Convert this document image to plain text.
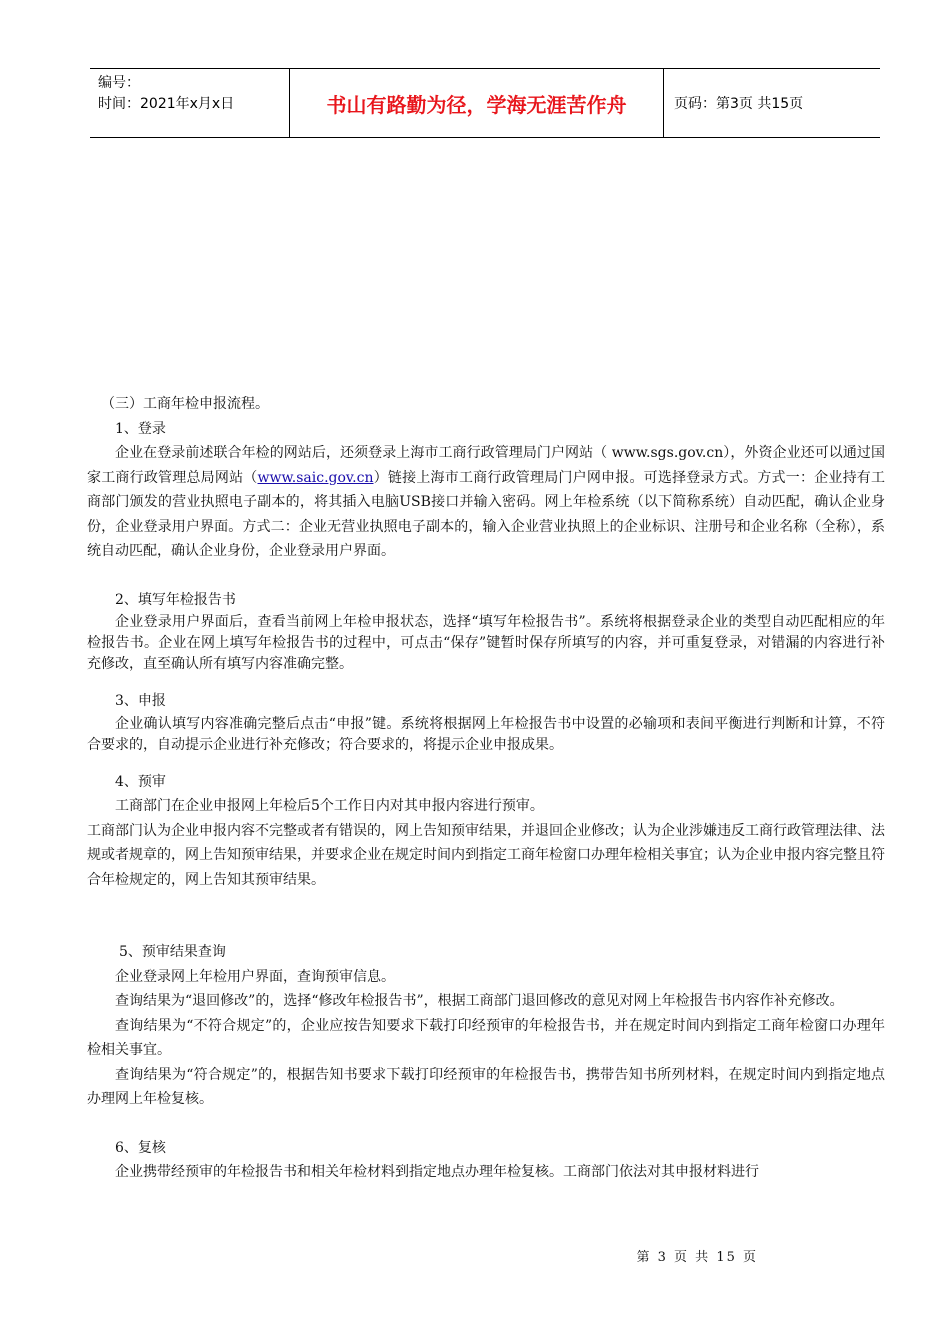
编号：
时间：2021年x月x日	书山有路勤为径，学海无涯苦作舟	页码：第3页 共15页

（三）工商年检申报流程。

1、登录

企业在登录前述联合年检的网站后，还须登录上海市工商行政管理局门户网站（ www.sgs.gov.cn），外资企业还可以通过国家工商行政管理总局网站（www.saic.gov.cn）链接上海市工商行政管理局门户网申报。可选择登录方式。方式一：企业持有工商部门颁发的营业执照电子副本的，将其插入电脑USB接口并输入密码。网上年检系统（以下简称系统）自动匹配，确认企业身份，企业登录用户界面。方式二：企业无营业执照电子副本的，输入企业营业执照上的企业标识、注册号和企业名称（全称），系统自动匹配，确认企业身份，企业登录用户界面。

2、填写年检报告书

企业登录用户界面后，查看当前网上年检申报状态，选择“填写年检报告书”。系统将根据登录企业的类型自动匹配相应的年检报告书。企业在网上填写年检报告书的过程中，可点击“保存”键暂时保存所填写的内容，并可重复登录，对错漏的内容进行补充修改，直至确认所有填写内容准确完整。

3、申报

企业确认填写内容准确完整后点击“申报”键。系统将根据网上年检报告书中设置的必输项和表间平衡进行判断和计算，不符合要求的，自动提示企业进行补充修改；符合要求的，将提示企业申报成果。

4、预审

工商部门在企业申报网上年检后5个工作日内对其申报内容进行预审。

工商部门认为企业申报内容不完整或者有错误的，网上告知预审结果，并退回企业修改；认为企业涉嫌违反工商行政管理法律、法规或者规章的，网上告知预审结果，并要求企业在规定时间内到指定工商年检窗口办理年检相关事宜；认为企业申报内容完整且符合年检规定的，网上告知其预审结果。

5、预审结果查询

企业登录网上年检用户界面，查询预审信息。

查询结果为“退回修改”的，选择“修改年检报告书”，根据工商部门退回修改的意见对网上年检报告书内容作补充修改。

查询结果为“不符合规定”的，企业应按告知要求下载打印经预审的年检报告书，并在规定时间内到指定工商年检窗口办理年检相关事宜。

查询结果为“符合规定”的，根据告知书要求下载打印经预审的年检报告书，携带告知书所列材料，在规定时间内到指定地点办理网上年检复核。

6、复核

企业携带经预审的年检报告书和相关年检材料到指定地点办理年检复核。工商部门依法对其申报材料进行

第 3 页 共 15 页
